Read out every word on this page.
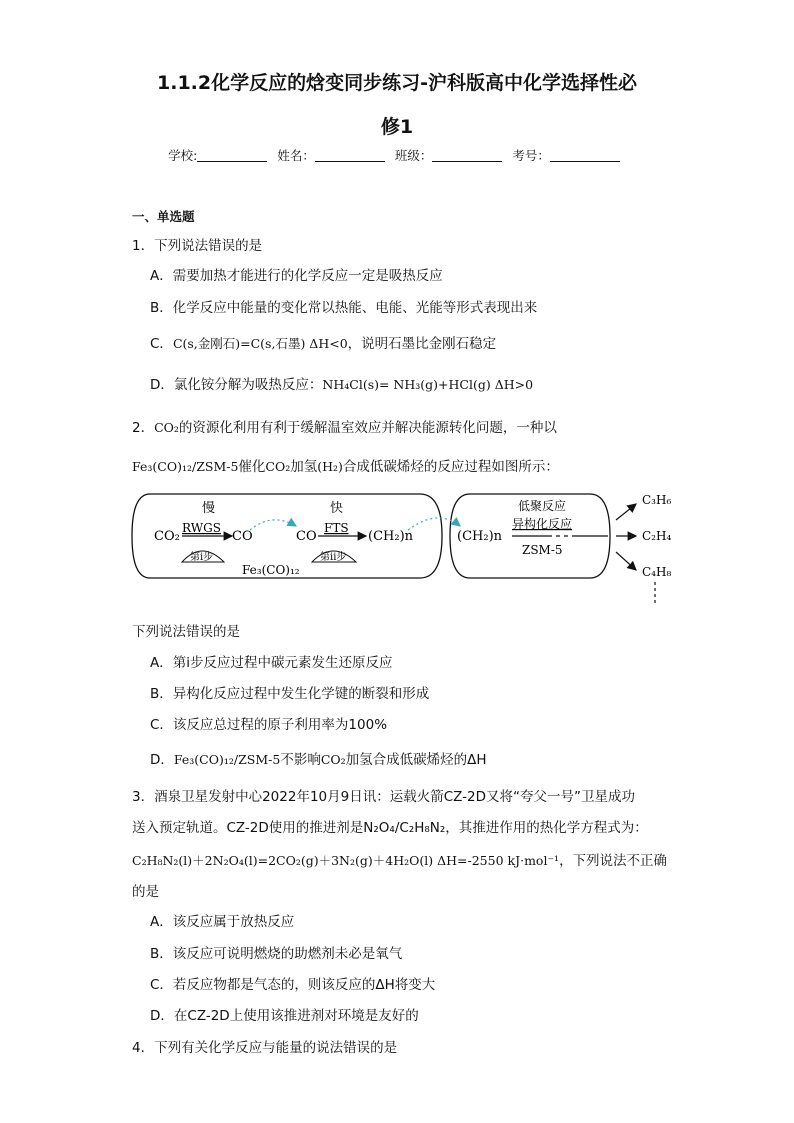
1.1.2化学反应的焓变同步练习-沪科版高中化学选择性必
修1
学校:	姓名：	班级：	考号：
一、单选题
1．下列说法错误的是
A．需要加热才能进行的化学反应一定是吸热反应
B．化学反应中能量的变化常以热能、电能、光能等形式表现出来
C．C(s,金刚石)=C(s,石墨) ΔH<0，说明石墨比金刚石稳定
D．氯化铵分解为吸热反应：NH₄Cl(s)= NH₃(g)+HCl(g) ΔH>0
2．CO₂的资源化利用有利于缓解温室效应并解决能源转化问题，一种以
Fe₃(CO)₁₂/ZSM-5催化CO₂加氢(H₂)合成低碳烯烃的反应过程如图所示：
慢	快
CO₂
RWGS
CO	CO
FTS
(CH₂)n
第i步	第ii步
Fe₃(CO)₁₂
(CH₂)n
低聚反应
异构化反应
ZSM-5
C₃H₆
C₂H₄
C₄H₈
下列说法错误的是
A．第ⅰ步反应过程中碳元素发生还原反应
B．异构化反应过程中发生化学键的断裂和形成
C．该反应总过程的原子利用率为100%
D．Fe₃(CO)₁₂/ZSM-5不影响CO₂加氢合成低碳烯烃的ΔH
3．酒泉卫星发射中心2022年10月9日讯：运载火箭CZ-2D又将“夸父一号”卫星成功
送入预定轨道。CZ-2D使用的推进剂是N₂O₄/C₂H₈N₂，其推进作用的热化学方程式为：
C₂H₈N₂(l)＋2N₂O₄(l)=2CO₂(g)＋3N₂(g)＋4H₂O(l) ΔH=-2550 kJ·mol⁻¹，下列说法不正确
的是
A．该反应属于放热反应
B．该反应可说明燃烧的助燃剂未必是氧气
C．若反应物都是气态的，则该反应的ΔH将变大
D．在CZ-2D上使用该推进剂对环境是友好的
4．下列有关化学反应与能量的说法错误的是
